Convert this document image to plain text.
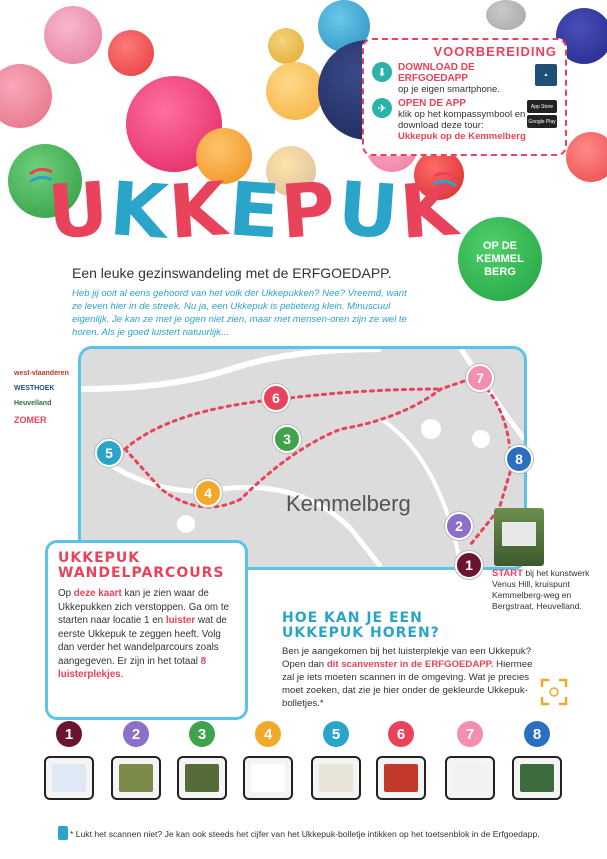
VOORBEREIDING
⬇	DOWNLOAD DE ERFGOEDAPP
op je eigen smartphone.
▲
✈	OPEN DE APP
klik op het kompassymbool en download deze tour:
Ukkepuk op de Kemmelberg
App Store
Google Play
UKKEPUK	OP DE KEMMEL BERG
Een leuke gezinswandeling met de ERFGOEDAPP.
Heb jij ooit al eens gehoord van het volk der Ukkepukken? Nee? Vreemd, want ze leven hier in de streek. Nu ja, een Ukkepuk is petieterig klein. Minuscuul eigenlijk. Je kan ze met je ogen niet zien, maar met mensen-oren zijn ze wel te horen. Als je goed luistert natuurlijk...
west-vlaanderen
WESTHOEK
Heuvelland
ZOMER
Kemmelberg
1
2
3
4
5
6
7
8
UKKEPUK
WANDELPARCOURS

Op deze kaart kan je zien waar de Ukkepukken zich verstoppen. Ga om te starten naar locatie 1 en luister wat de eerste Ukkepuk te zeggen heeft. Volg dan verder het wandelparcours zoals aangegeven. Er zijn in het totaal 8 luisterplekjes.

START bij het kunstwerk Venus Hill, kruispunt Kemmelberg-weg en Bergstraat, Heuvelland.
HOE KAN JE EEN
UKKEPUK HOREN?

Ben je aangekomen bij het luisterplekje van een Ukkepuk? Open dan dit scanvenster in de ERFGOEDAPP. Hiermee zal je iets moeten scannen in de omgeving. Wat je precies moet zoeken, dat zie je hier onder de gekleurde Ukkepuk-bolletjes.*

1	2	3	4	5	6	7	8
* Lukt het scannen niet? Je kan ook steeds het cijfer van het Ukkepuk-bolletje intikken op het toetsenblok in de Erfgoedapp.
